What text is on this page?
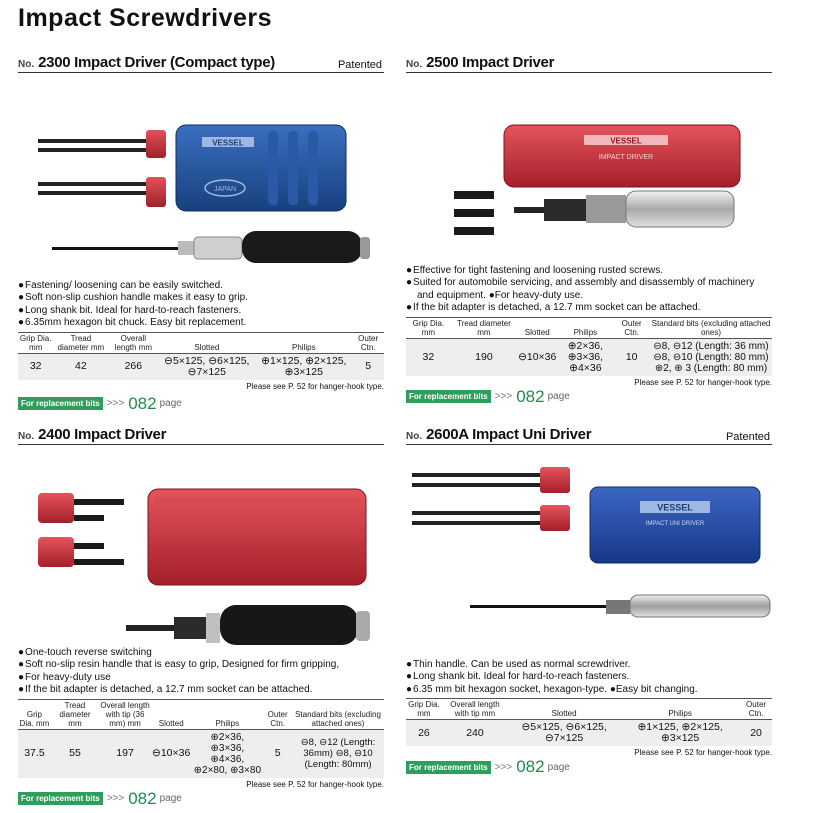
Impact Screwdrivers
No. 2300 Impact Driver (Compact type)	Patented
VESSEL
JAPAN
● Fastening/ loosening can be easily switched.
● Soft non-slip cushion handle makes it easy to grip.
● Long shank bit. Ideal for hard-to-reach fasteners.
● 6.35mm hexagon bit chuck. Easy bit replacement.
Grip Dia. mm	Tread diameter mm	Overall length mm	Slotted	Philips	Outer Ctn.
32	42	266	⊖5×125, ⊖6×125, ⊖7×125	⊕1×125, ⊕2×125, ⊕3×125	5
Please see P. 52 for hanger-hook type.
For replacement bits >>> 082 page
No. 2500 Impact Driver
VESSEL
IMPACT DRIVER
● Effective for tight fastening and loosening rusted screws.
● Suited for automobile servicing, and assembly and disassembly of machinery
and equipment. ●For heavy-duty use.
● If the bit adapter is detached, a 12.7 mm socket can be attached.
Grip Dia. mm	Tread diameter mm	Slotted	Philips	Outer Ctn.	Standard bits (excluding attached ones)
32	190	⊖10×36	⊕2×36, ⊕3×36, ⊕4×36	10	⊖8, ⊖12 (Length: 36 mm) ⊖8, ⊖10 (Length: 80 mm) ⊕2, ⊕ 3 (Length: 80 mm)
Please see P. 52 for hanger-hook type.
For replacement bits >>> 082 page
No. 2400 Impact Driver
● One-touch reverse switching
● Soft no-slip resin handle that is easy to grip, Designed for firm gripping,
● For heavy-duty use
● If the bit adapter is detached, a 12.7 mm socket can be attached.
Grip Dia. mm	Tread diameter mm	Overall length with tip (36 mm) mm	Slotted	Philips	Outer Ctn.	Standard bits (excluding attached ones)
37.5	55	197	⊖10×36	⊕2×36, ⊕3×36, ⊕4×36, ⊕2×80, ⊕3×80	5	⊖8, ⊖12 (Length: 36mm) ⊖8, ⊖10 (Length: 80mm)
Please see P. 52 for hanger-hook type.
For replacement bits >>> 082 page
No. 2600A Impact Uni Driver	Patented
VESSEL
IMPACT UNI DRIVER
● Thin handle. Can be used as normal screwdriver.
● Long shank bit. Ideal for hard-to-reach fasteners.
● 6.35 mm bit hexagon socket, hexagon-type. ●Easy bit changing.
Grip Dia. mm	Overall length with tip mm	Slotted	Philips	Outer Ctn.
26	240	⊖5×125, ⊖6×125, ⊖7×125	⊕1×125, ⊕2×125, ⊕3×125	20
Please see P. 52 for hanger-hook type.
For replacement bits >>> 082 page
